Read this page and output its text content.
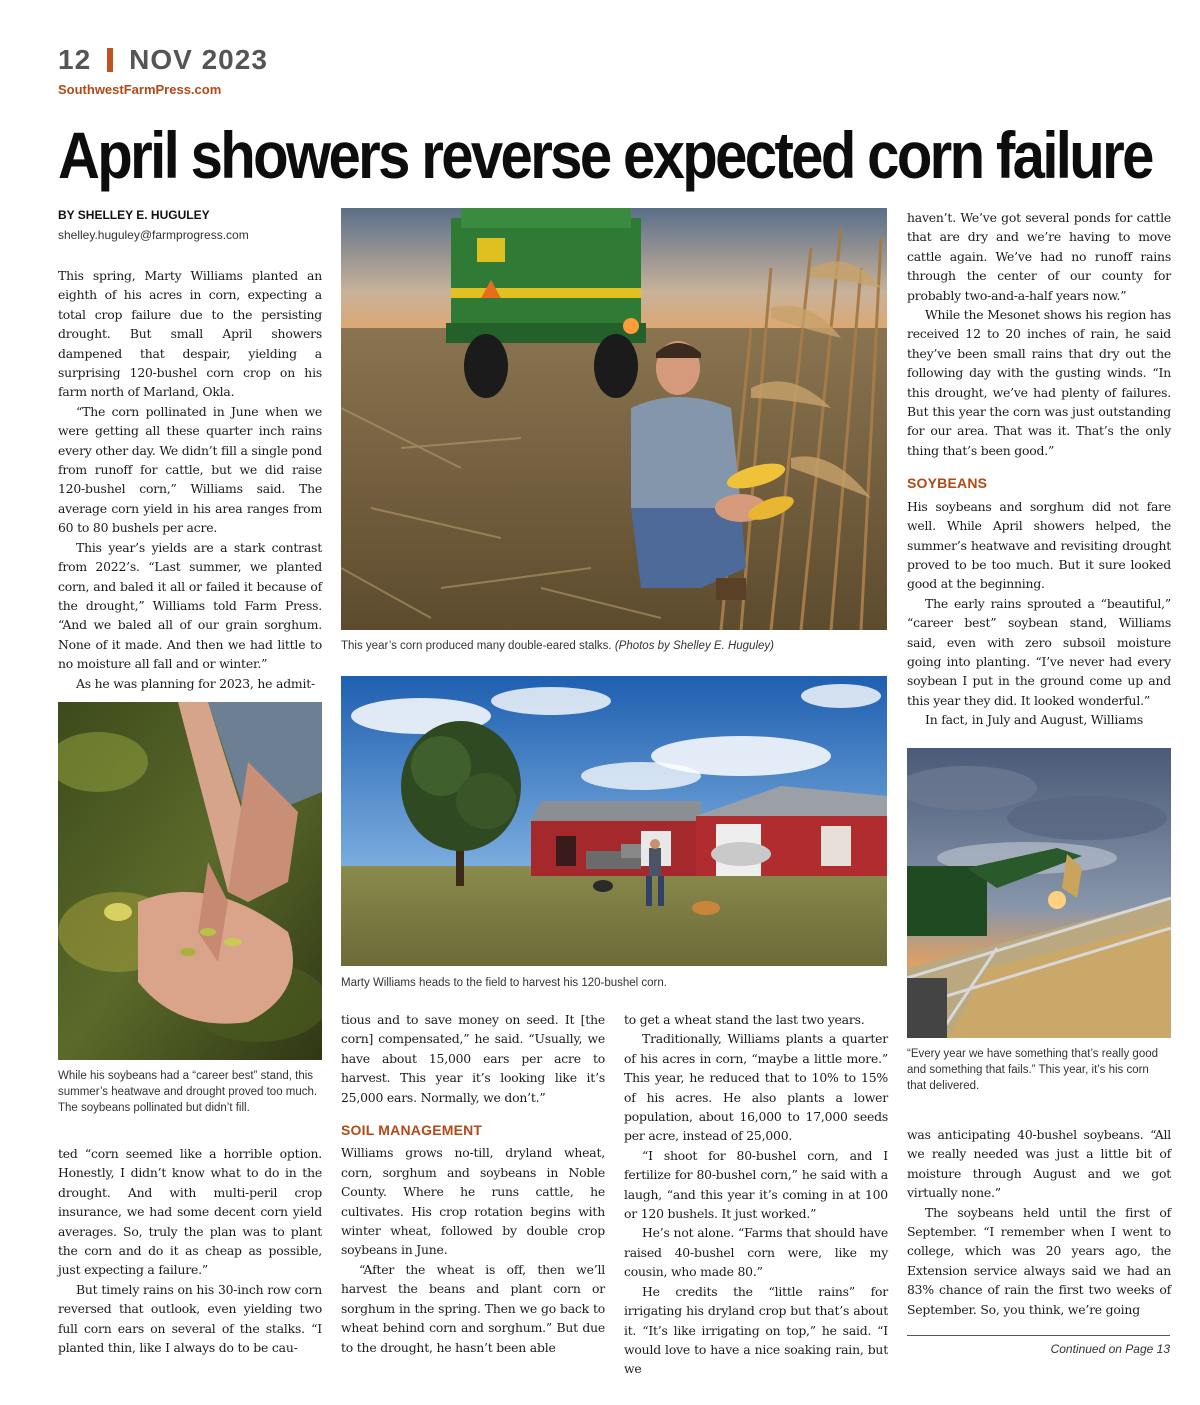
12 NOV 2023
SouthwestFarmPress.com
April showers reverse expected corn failure
BY SHELLEY E. HUGULEY
shelley.huguley@farmprogress.com

This spring, Marty Williams planted an eighth of his acres in corn, expecting a total crop failure due to the persisting drought. But small April showers dampened that despair, yielding a surprising 120-bushel corn crop on his farm north of Marland, Okla.

“The corn pollinated in June when we were getting all these quarter inch rains every other day. We didn’t fill a single pond from runoff for cattle, but we did raise 120-bushel corn,” Williams said. The average corn yield in his area ranges from 60 to 80 bushels per acre.

This year’s yields are a stark contrast from 2022’s. “Last summer, we planted corn, and baled it all or failed it because of the drought,” Williams told Farm Press. “And we baled all of our grain sorghum. None of it made. And then we had little to no moisture all fall and or winter.”

As he was planning for 2023, he admit-

While his soybeans had a “career best” stand, this summer’s heatwave and drought proved too much. The soybeans pollinated but didn’t fill.

ted “corn seemed like a horrible option. Honestly, I didn’t know what to do in the drought. And with multi-peril crop insurance, we had some decent corn yield averages. So, truly the plan was to plant the corn and do it as cheap as possible, just expecting a failure.”

But timely rains on his 30-inch row corn reversed that outlook, even yielding two full corn ears on several of the stalks. “I planted thin, like I always do to be cau-

This year’s corn produced many double-eared stalks. (Photos by Shelley E. Huguley)
Marty Williams heads to the field to harvest his 120-bushel corn.

tious and to save money on seed. It [the corn] compensated,” he said. “Usually, we have about 15,000 ears per acre to harvest. This year it’s looking like it’s 25,000 ears. Normally, we don’t.”

SOIL MANAGEMENT

Williams grows no-till, dryland wheat, corn, sorghum and soybeans in Noble County. Where he runs cattle, he cultivates. His crop rotation begins with winter wheat, followed by double crop soybeans in June.

“After the wheat is off, then we’ll harvest the beans and plant corn or sorghum in the spring. Then we go back to wheat behind corn and sorghum.” But due to the drought, he hasn’t been able

to get a wheat stand the last two years.

Traditionally, Williams plants a quarter of his acres in corn, “maybe a little more.” This year, he reduced that to 10% to 15% of his acres. He also plants a lower population, about 16,000 to 17,000 seeds per acre, instead of 25,000.

“I shoot for 80-bushel corn, and I fertilize for 80-bushel corn,” he said with a laugh, “and this year it’s coming in at 100 or 120 bushels. It just worked.”

He’s not alone. “Farms that should have raised 40-bushel corn were, like my cousin, who made 80.”

He credits the “little rains” for irrigating his dryland crop but that’s about it. “It’s like irrigating on top,” he said. “I would love to have a nice soaking rain, but we

haven’t. We’ve got several ponds for cattle that are dry and we’re having to move cattle again. We’ve had no runoff rains through the center of our county for probably two-and-a-half years now.”

While the Mesonet shows his region has received 12 to 20 inches of rain, he said they’ve been small rains that dry out the following day with the gusting winds. “In this drought, we’ve had plenty of failures. But this year the corn was just outstanding for our area. That was it. That’s the only thing that’s been good.”

SOYBEANS

His soybeans and sorghum did not fare well. While April showers helped, the summer’s heatwave and revisiting drought proved to be too much. But it sure looked good at the beginning.

The early rains sprouted a “beautiful,” “career best” soybean stand, Williams said, even with zero subsoil moisture going into planting. “I’ve never had every soybean I put in the ground come up and this year they did. It looked wonderful.”

In fact, in July and August, Williams

“Every year we have something that’s really good and something that fails.” This year, it’s his corn that delivered.

was anticipating 40-bushel soybeans. “All we really needed was just a little bit of moisture through August and we got virtually none.”

The soybeans held until the first of September. “I remember when I went to college, which was 20 years ago, the Extension service always said we had an 83% chance of rain the first two weeks of September. So, you think, we’re going

Continued on Page 13
